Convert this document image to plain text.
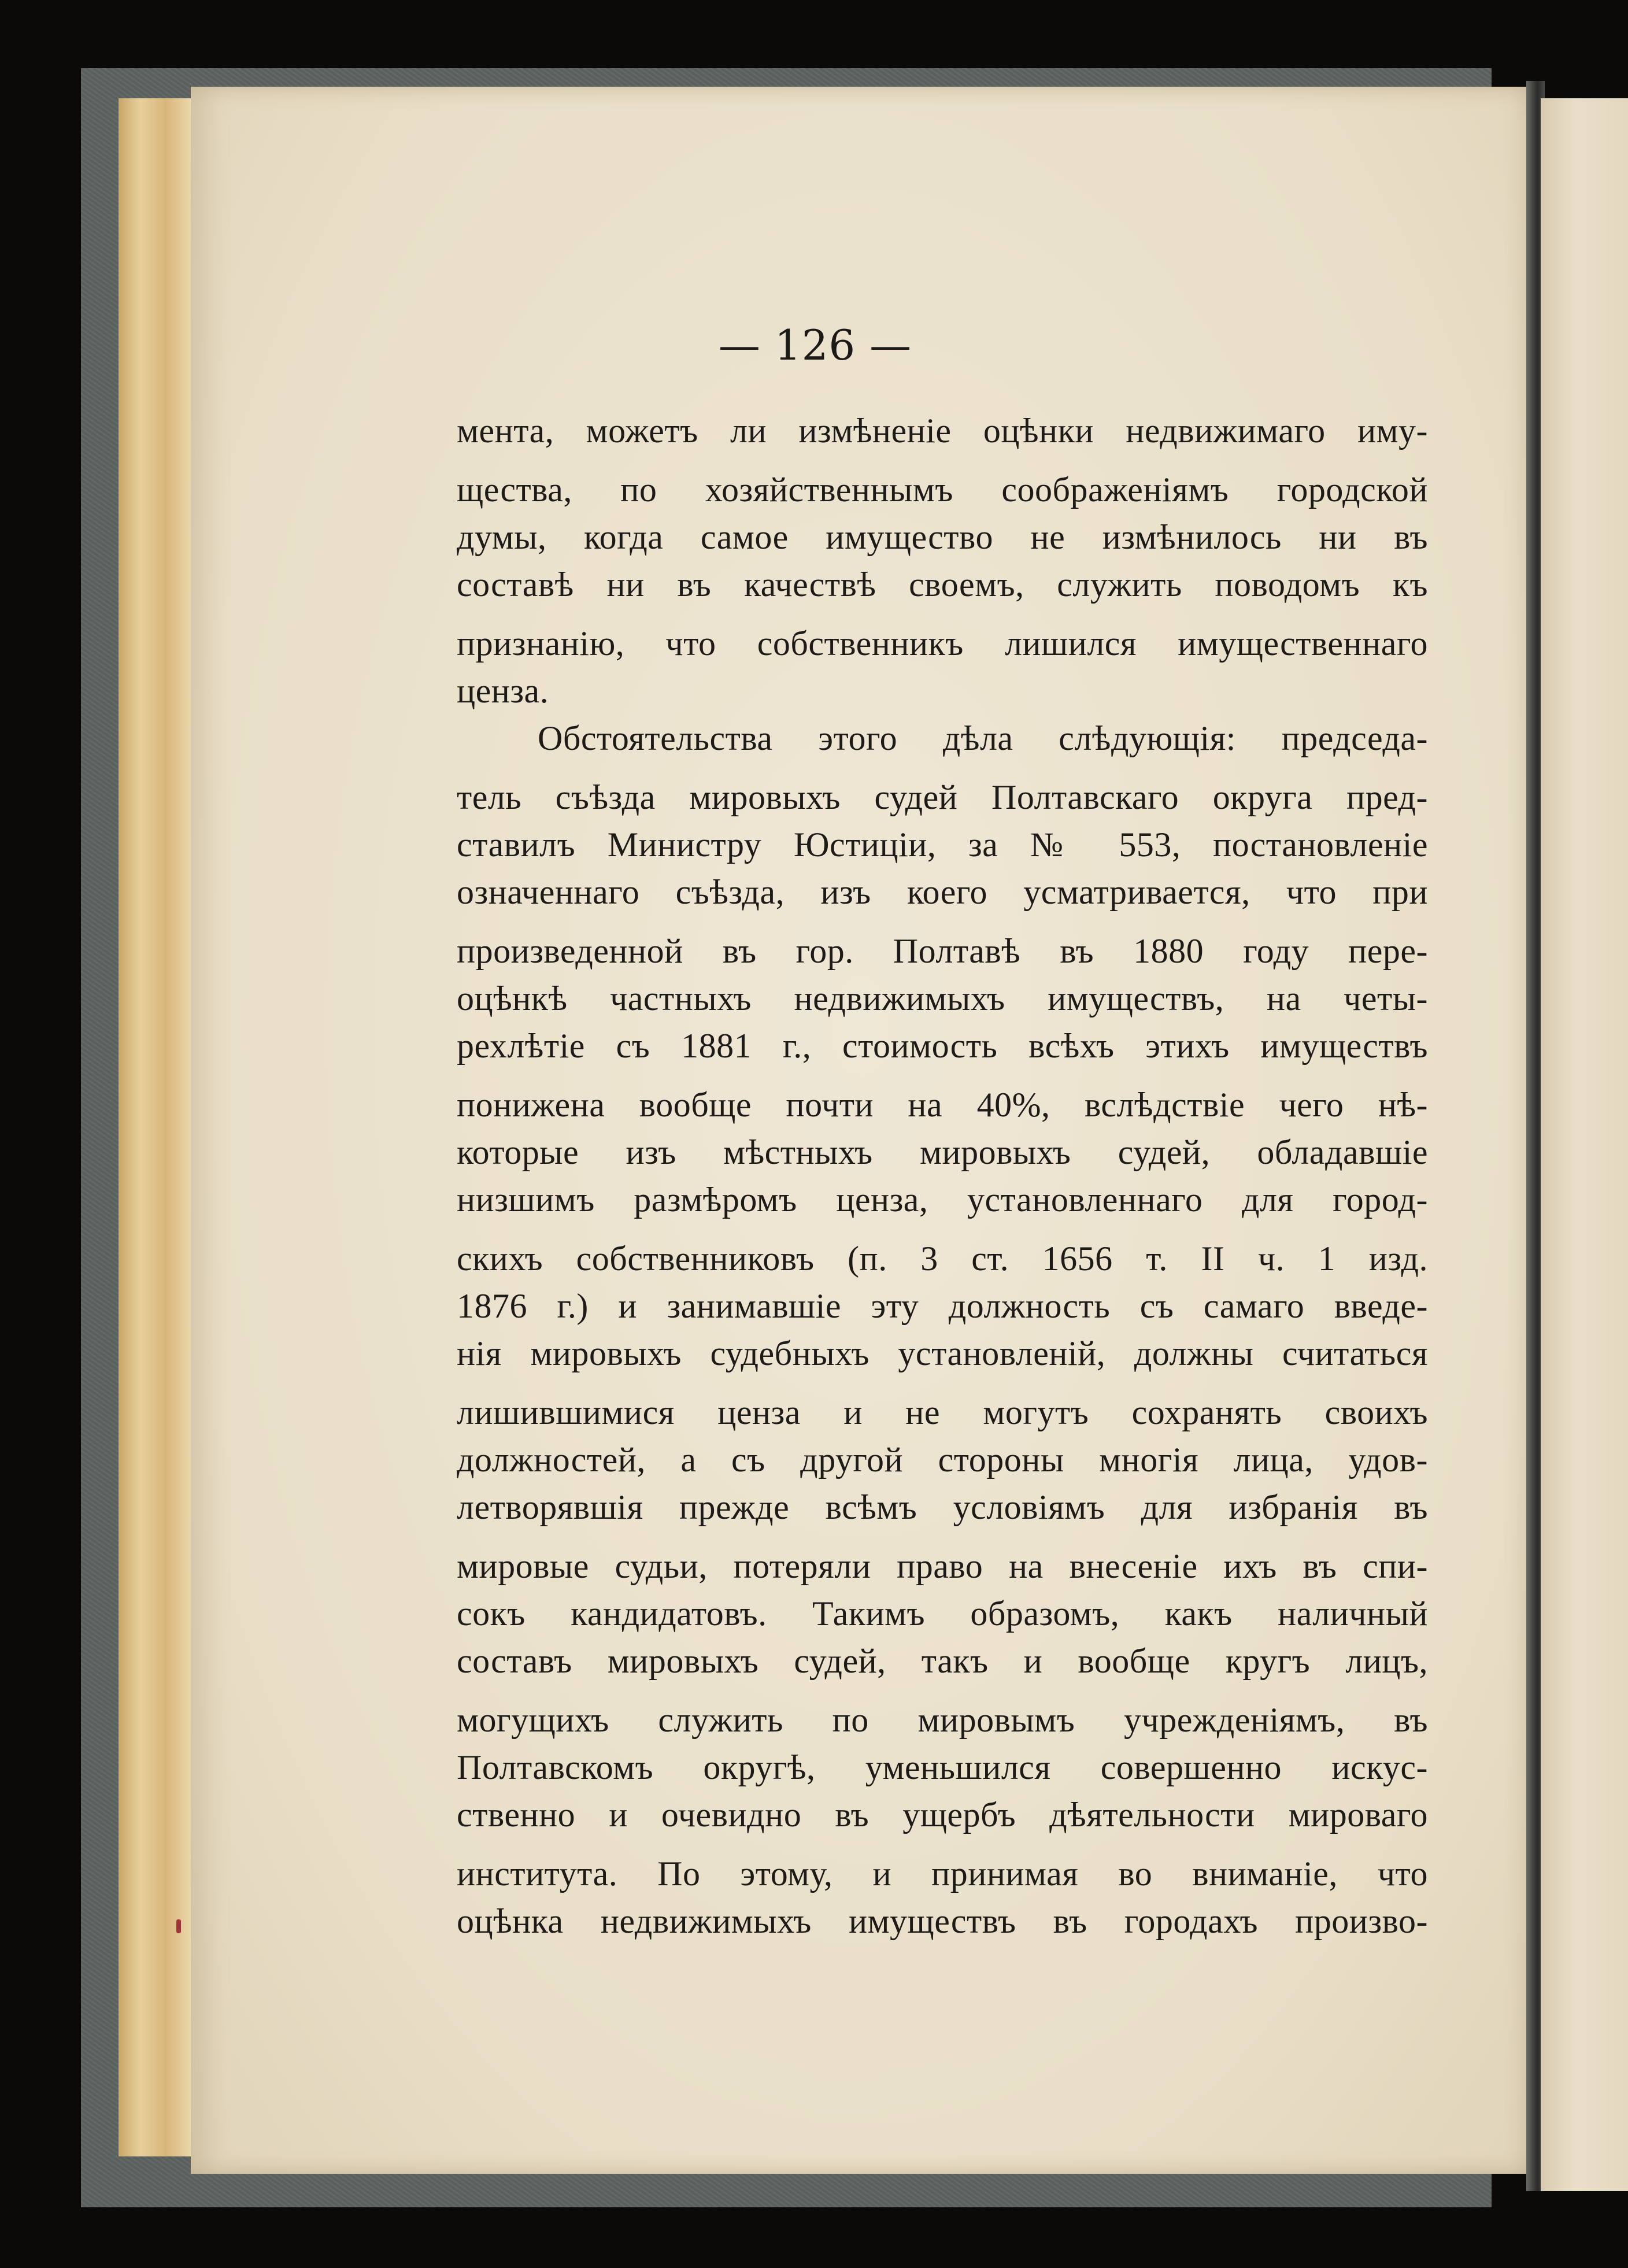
— 126 —
мента, можетъ ли измѣненіе оцѣнки недвижимаго иму-
щества, по хозяйственнымъ соображеніямъ городской
думы, когда самое имущество не измѣнилось ни въ
составѣ ни въ качествѣ своемъ, служить поводомъ къ
признанію, что собственникъ лишился имущественнаго
ценза.
Обстоятельства этого дѣла слѣдующія: председа-
тель съѣзда мировыхъ судей Полтавскаго округа пред-
ставилъ Министру Юстиціи, за № 553, постановленіе
означеннаго съѣзда, изъ коего усматривается, что при
произведенной въ гор. Полтавѣ въ 1880 году пере-
оцѣнкѣ частныхъ недвижимыхъ имуществъ, на четы-
рехлѣтіе съ 1881 г., стоимость всѣхъ этихъ имуществъ
понижена вообще почти на 40%, вслѣдствіе чего нѣ-
которые изъ мѣстныхъ мировыхъ судей, обладавшіе
низшимъ размѣромъ ценза, установленнаго для город-
скихъ собственниковъ (п. 3 ст. 1656 т. II ч. 1 изд.
1876 г.) и занимавшіе эту должность съ самаго введе-
нія мировыхъ судебныхъ установленій, должны считаться
лишившимися ценза и не могутъ сохранять своихъ
должностей, а съ другой стороны многія лица, удов-
летворявшія прежде всѣмъ условіямъ для избранія въ
мировые судьи, потеряли право на внесеніе ихъ въ спи-
сокъ кандидатовъ. Такимъ образомъ, какъ наличный
составъ мировыхъ судей, такъ и вообще кругъ лицъ,
могущихъ служить по мировымъ учрежденіямъ, въ
Полтавскомъ округѣ, уменьшился совершенно искус-
ственно и очевидно въ ущербъ дѣятельности мироваго
института. По этому, и принимая во вниманіе, что
оцѣнка недвижимыхъ имуществъ въ городахъ произво-
